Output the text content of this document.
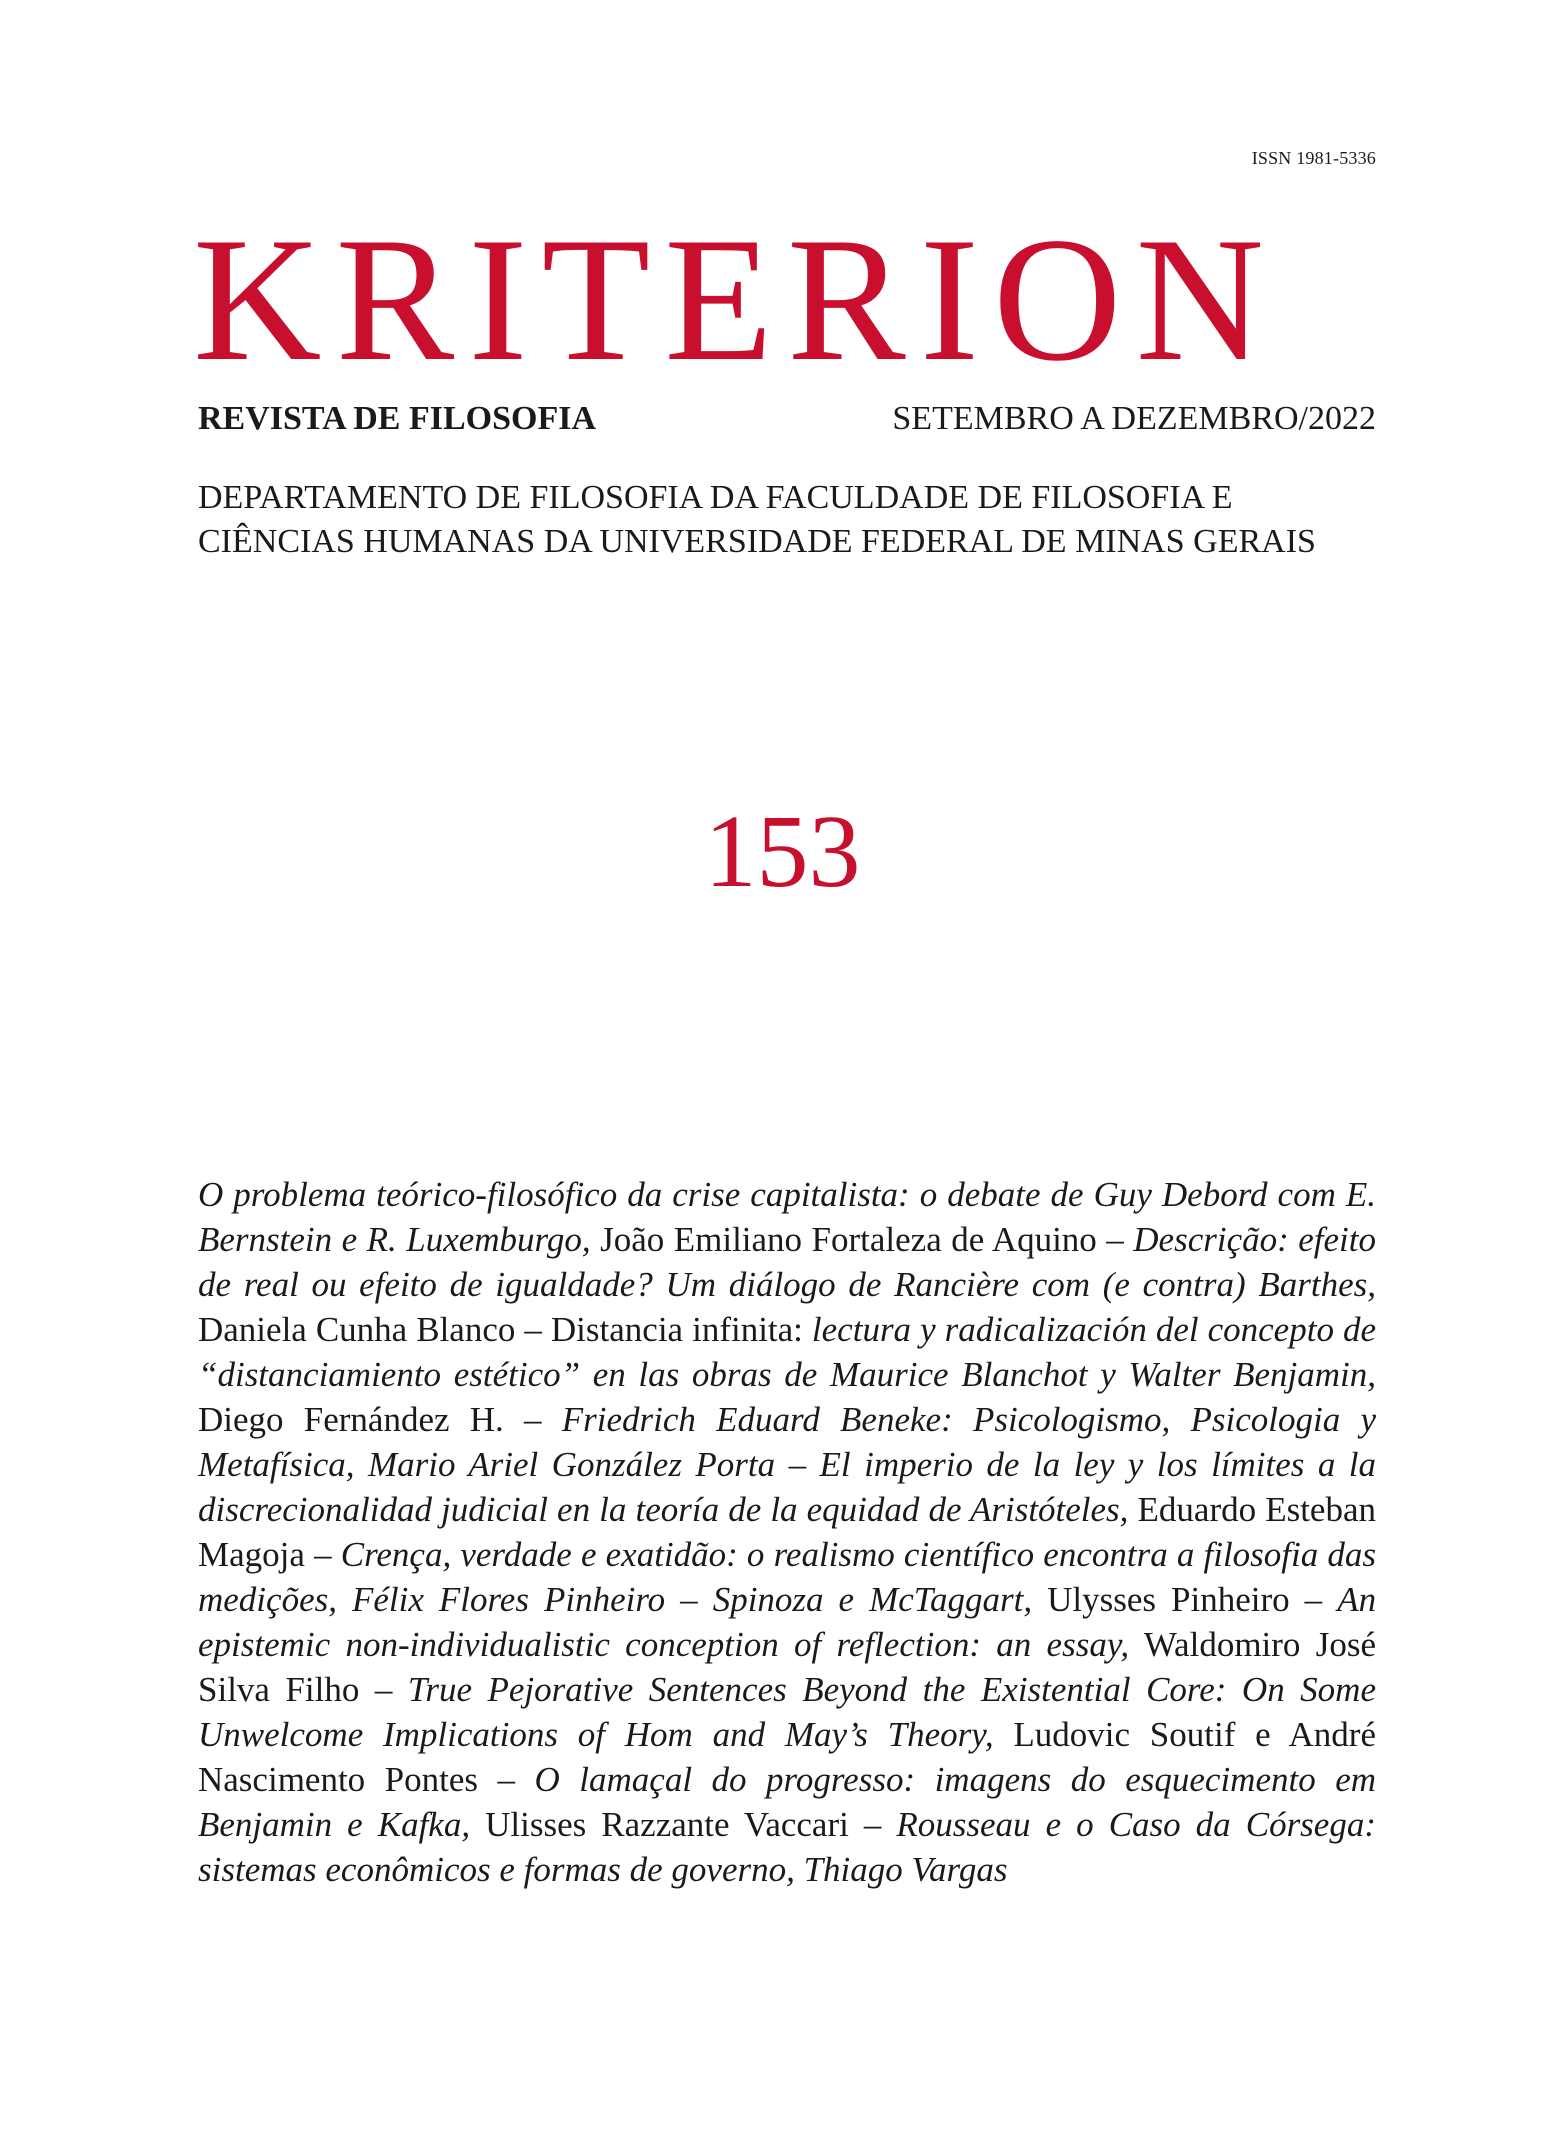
ISSN 1981-5336
KRITERION
REVISTA DE FILOSOFIA	SETEMBRO A DEZEMBRO/2022
DEPARTAMENTO DE FILOSOFIA DA FACULDADE DE FILOSOFIA E
CIÊNCIAS HUMANAS DA UNIVERSIDADE FEDERAL DE MINAS GERAIS
153
O problema teórico-filosófico da crise capitalista: o debate de Guy Debord com E. Bernstein e R. Luxemburgo, João Emiliano Fortaleza de Aquino – Descrição: efeito de real ou efeito de igualdade? Um diálogo de Rancière com (e contra) Barthes, Daniela Cunha Blanco – Distancia infinita: lectura y radicalización del concepto de “distanciamiento estético” en las obras de Maurice Blanchot y Walter Benjamin, Diego Fernández H. – Friedrich Eduard Beneke: Psicologismo, Psicologia y Metafísica, Mario Ariel González Porta – El imperio de la ley y los límites a la discrecionalidad judicial en la teoría de la equidad de Aristóteles, Eduardo Esteban Magoja – Crença, verdade e exatidão: o realismo científico encontra a filosofia das medições, Félix Flores Pinheiro – Spinoza e McTaggart, Ulysses Pinheiro – An epistemic non-individualistic conception of reflection: an essay, Waldomiro José Silva Filho – True Pejorative Sentences Beyond the Existential Core: On Some Unwelcome Implications of Hom and May’s Theory, Ludovic Soutif e André Nascimento Pontes – O lamaçal do progresso: imagens do esquecimento em Benjamin e Kafka, Ulisses Razzante Vaccari – Rousseau e o Caso da Córsega: sistemas econômicos e formas de governo, Thiago Vargas
